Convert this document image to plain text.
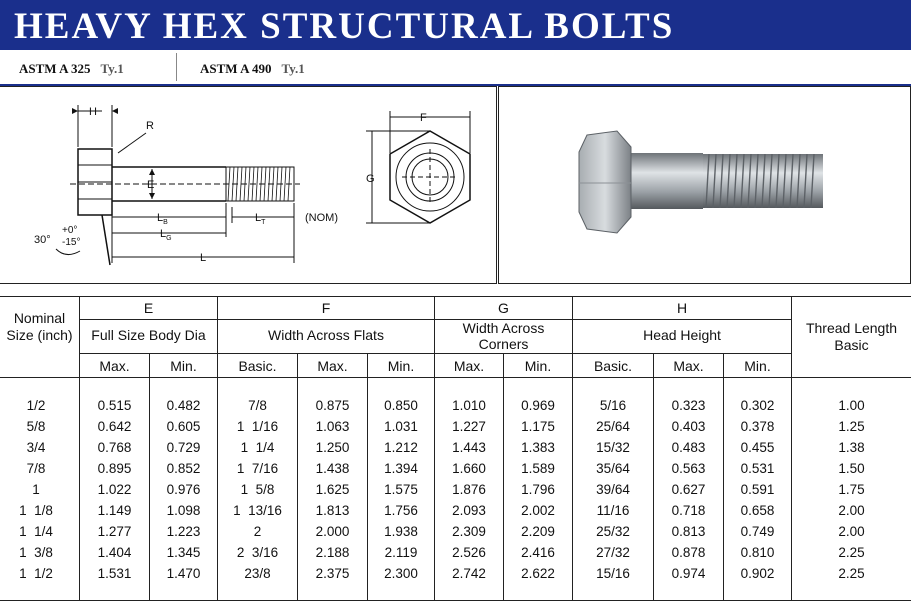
HEAVY HEX STRUCTURAL BOLTS
ASTM A 325 Ty.1	ASTM A 490 Ty.1
H
R
E
$L_B$	$L_T$	(NOM)
$L_G$
L
30°
+0°
-15°
F
G
Nominal Size (inch)	Thread Length Basic
E
Full Size Body Dia
Max.	Min.
F
Width Across Flats
Basic.	Max.	Min.
G
Width Across Corners
Max.	Min.
H
Head Height
Basic.	Max.	Min.
1/2	0.515	0.482	7/8	0.875	0.850	1.010	0.969	5/16	0.323	0.302	1.00
5/8	0.642	0.605	1  1/16	1.063	1.031	1.227	1.175	25/64	0.403	0.378	1.25
3/4	0.768	0.729	1  1/4	1.250	1.212	1.443	1.383	15/32	0.483	0.455	1.38
7/8	0.895	0.852	1  7/16	1.438	1.394	1.660	1.589	35/64	0.563	0.531	1.50
1	1.022	0.976	1  5/8	1.625	1.575	1.876	1.796	39/64	0.627	0.591	1.75
1  1/8	1.149	1.098	1  13/16	1.813	1.756	2.093	2.002	11/16	0.718	0.658	2.00
1  1/4	1.277	1.223	2	2.000	1.938	2.309	2.209	25/32	0.813	0.749	2.00
1  3/8	1.404	1.345	2  3/16	2.188	2.119	2.526	2.416	27/32	0.878	0.810	2.25
1  1/2	1.531	1.470	23/8	2.375	2.300	2.742	2.622	15/16	0.974	0.902	2.25
